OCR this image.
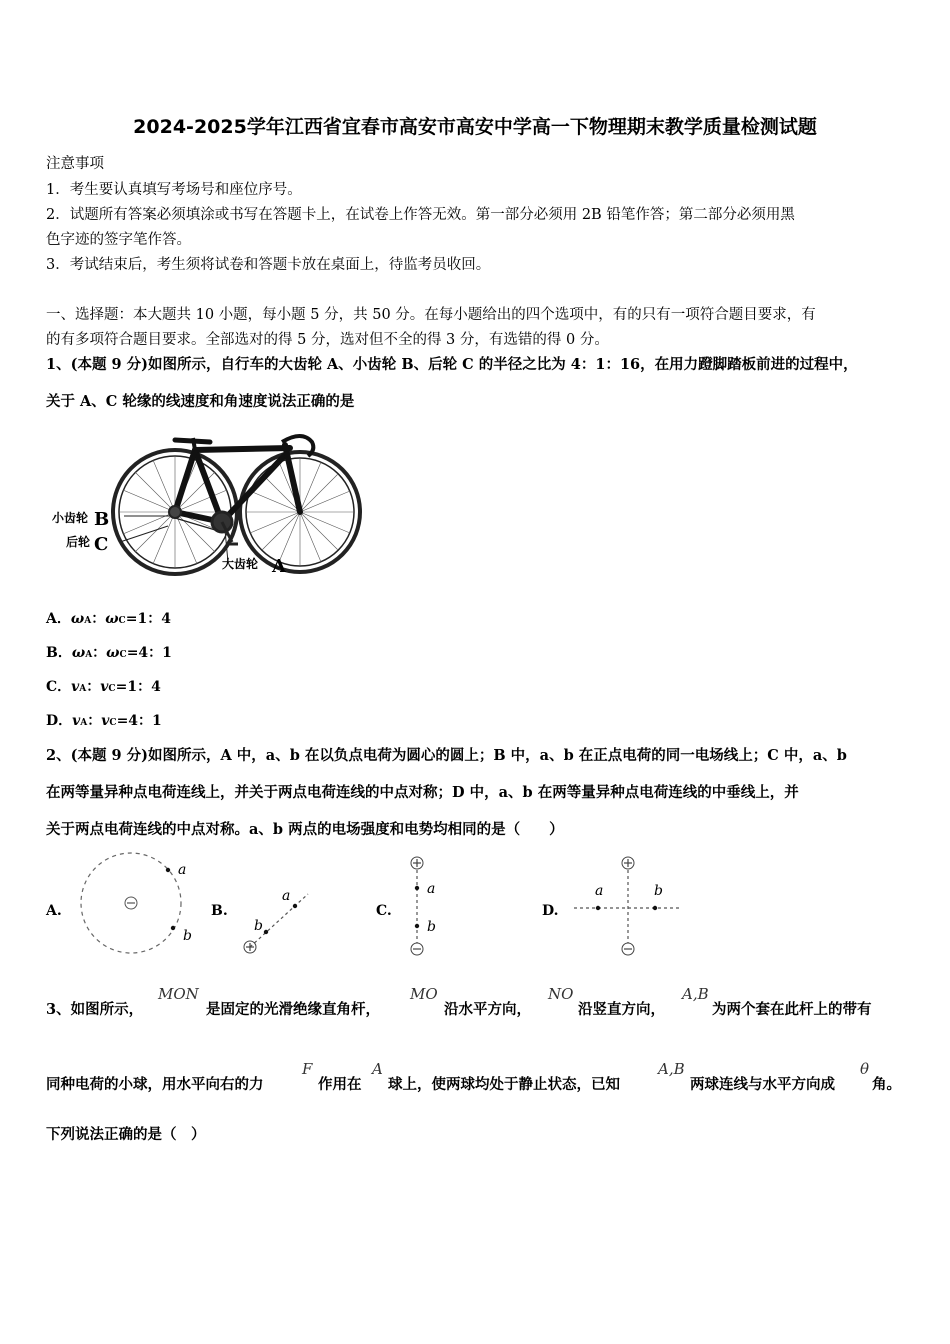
2024-2025学年江西省宜春市高安市高安中学高一下物理期末教学质量检测试题
注意事项
1．考生要认真填写考场号和座位序号。
2．试题所有答案必须填涂或书写在答题卡上，在试卷上作答无效。第一部分必须用 2B 铅笔作答；第二部分必须用黑
色字迹的签字笔作答。
3．考试结束后，考生须将试卷和答题卡放在桌面上，待监考员收回。
一、选择题：本大题共 10 小题，每小题 5 分，共 50 分。在每小题给出的四个选项中，有的只有一项符合题目要求，有
的有多项符合题目要求。全部选对的得 5 分，选对但不全的得 3 分，有选错的得 0 分。
1、(本题 9 分)如图所示，自行车的大齿轮 A、小齿轮 B、后轮 C 的半径之比为 4：1：16，在用力蹬脚踏板前进的过程中，
关于 A、C 轮缘的线速度和角速度说法正确的是
小齿轮 B
后轮 C
大齿轮 A
A．ωA：ωC=1：4
B．ωA：ωC=4：1
C．vA：vC=1：4
D．vA：vC=4：1
2、(本题 9 分)如图所示，A 中，a、b 在以负点电荷为圆心的圆上；B 中，a、b 在正点电荷的同一电场线上；C 中，a、b
在两等量异种点电荷连线上，并关于两点电荷连线的中点对称；D 中，a、b 在两等量异种点电荷连线的中垂线上，并
关于两点电荷连线的中点对称。a、b 两点的电场强度和电势均相同的是（　　）
A.
a
b
B.
a
b
C.
a
b
D.
a	b
3、如图所示，
MON
是固定的光滑绝缘直角杆，
MO
沿水平方向，
NO
沿竖直方向，
A,B
为两个套在此杆上的带有
同种电荷的小球，用水平向右的力
F
作用在
A
球上，使两球均处于静止状态，已知
A,B
两球连线与水平方向成
θ
角。
下列说法正确的是（　）
